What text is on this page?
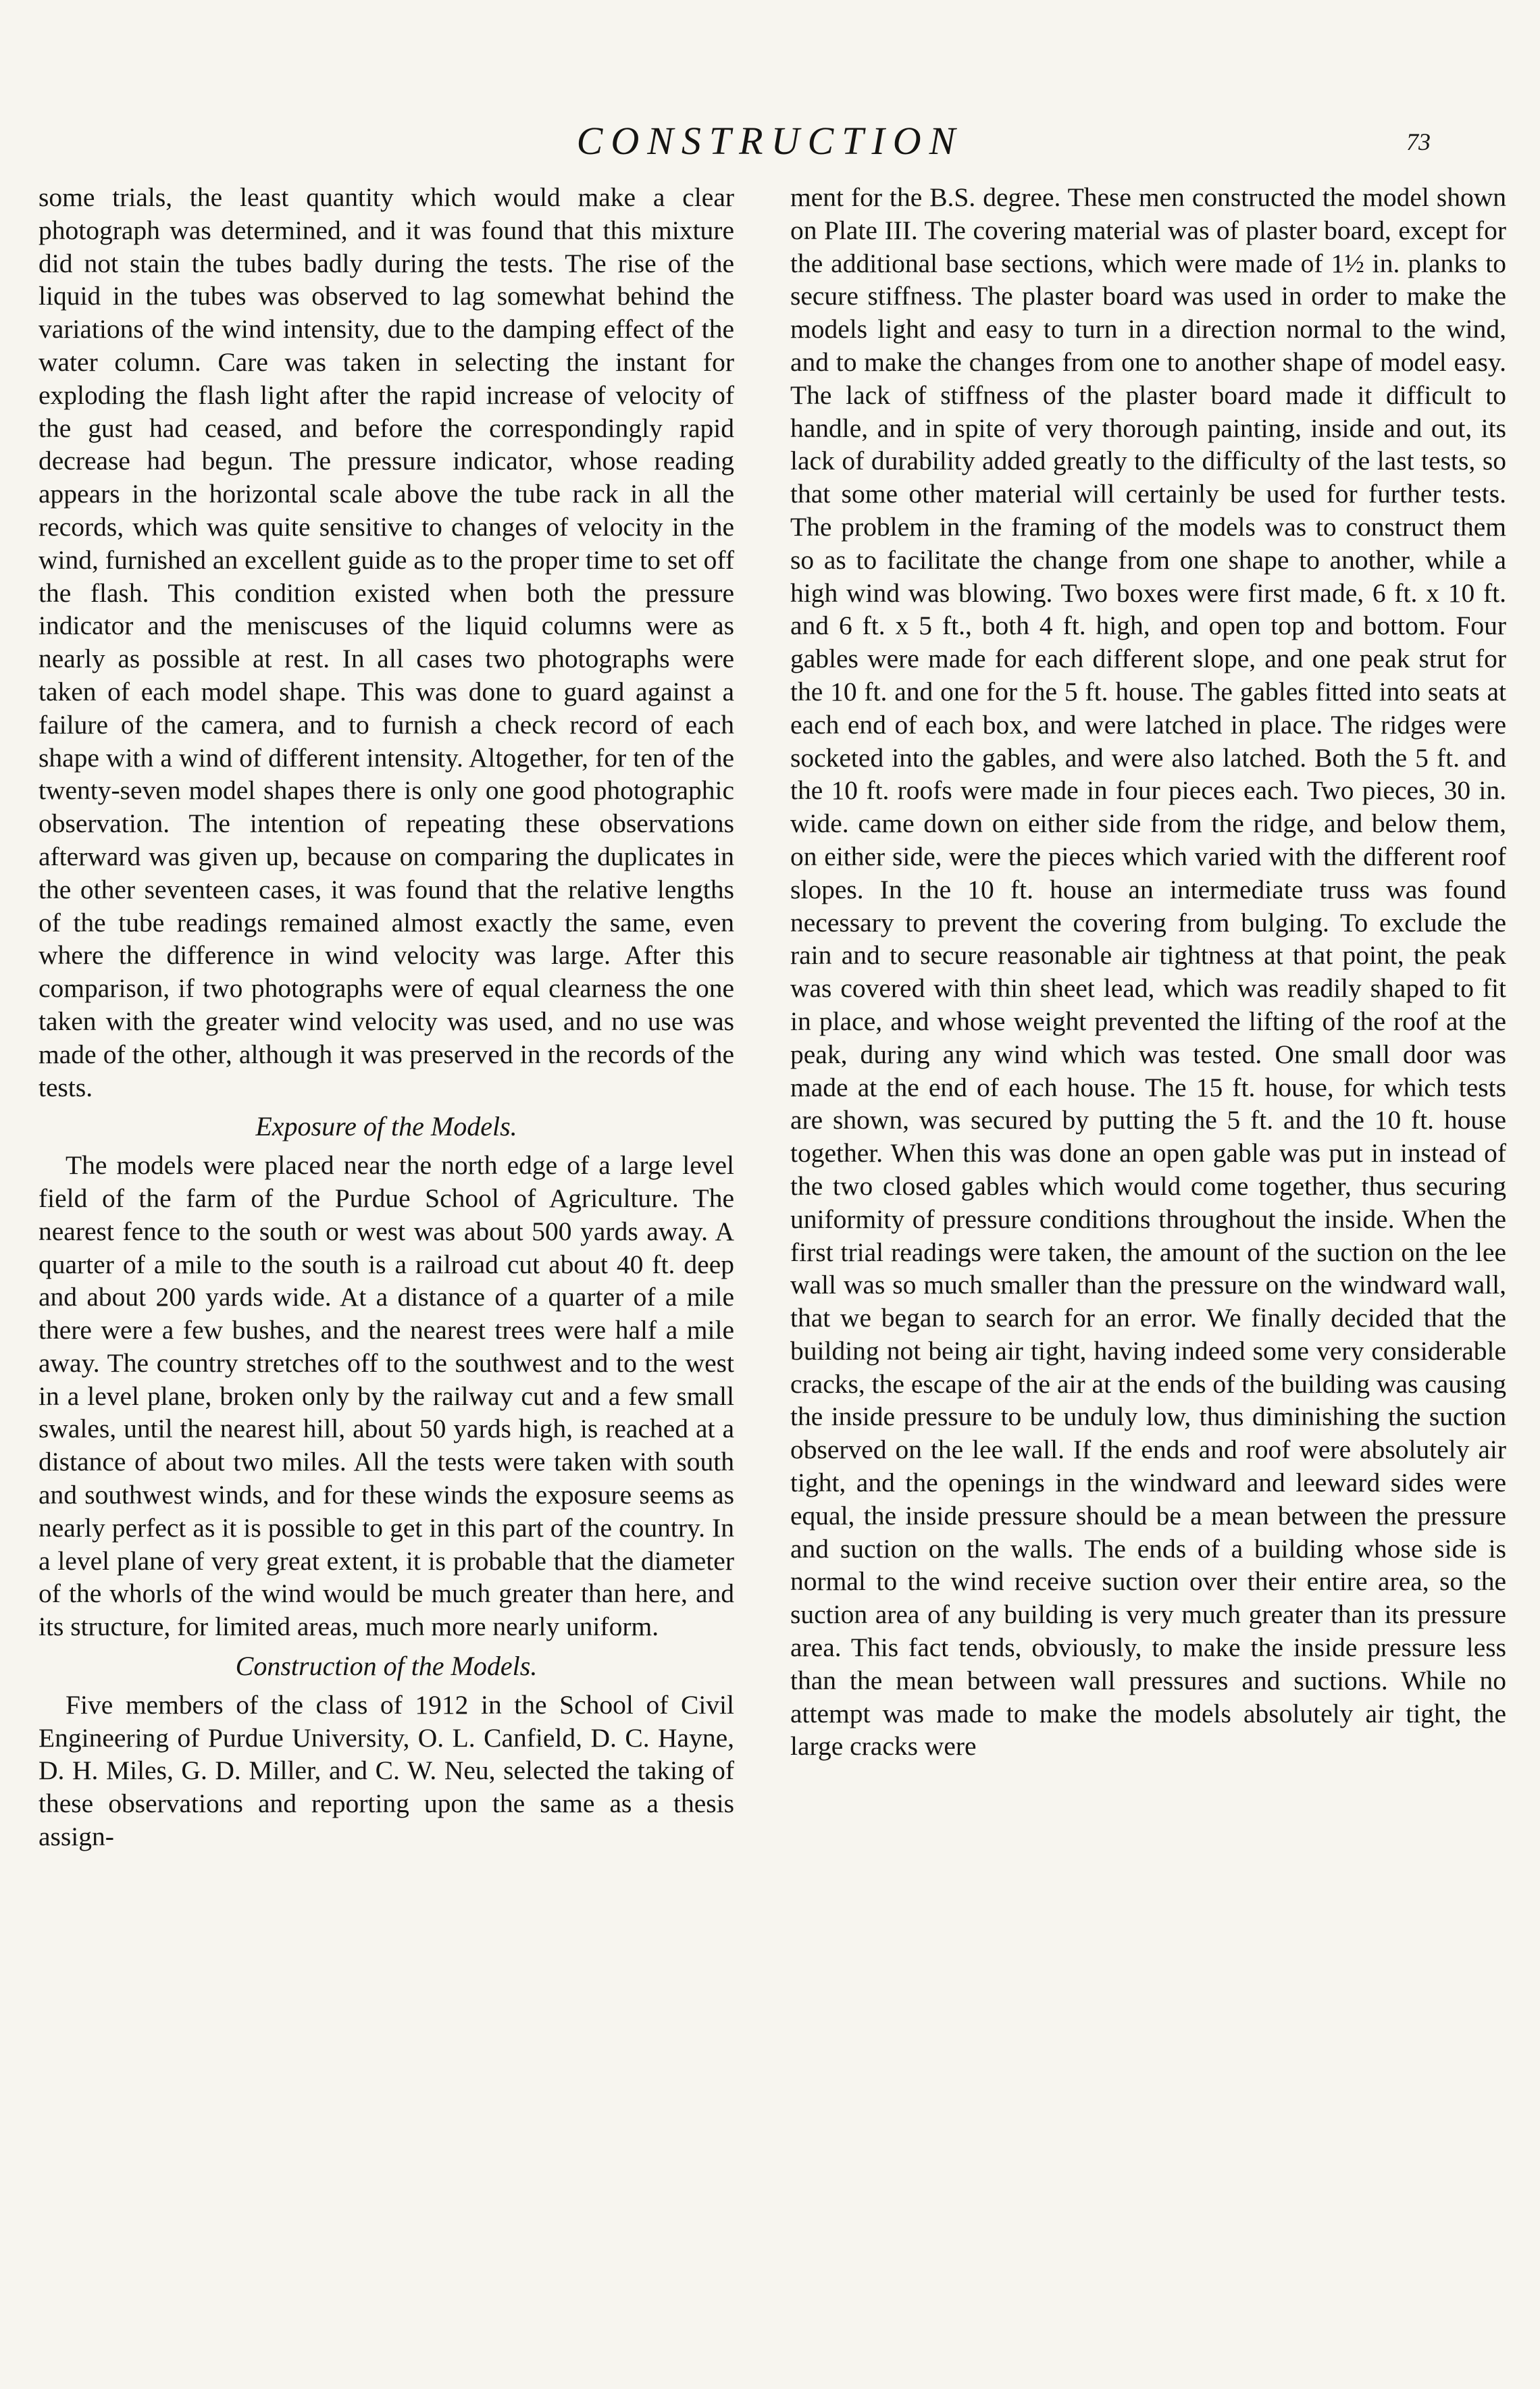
CONSTRUCTION	73

some trials, the least quantity which would make a clear photograph was determined, and it was found that this mixture did not stain the tubes badly during the tests. The rise of the liquid in the tubes was observed to lag somewhat behind the variations of the wind intensity, due to the damping effect of the water column. Care was taken in selecting the instant for exploding the flash light after the rapid increase of velocity of the gust had ceased, and before the correspondingly rapid decrease had begun. The pressure indicator, whose reading appears in the horizontal scale above the tube rack in all the records, which was quite sensitive to changes of velocity in the wind, furnished an excellent guide as to the proper time to set off the flash. This condition existed when both the pressure indicator and the meniscuses of the liquid columns were as nearly as possible at rest. In all cases two photographs were taken of each model shape. This was done to guard against a failure of the camera, and to furnish a check record of each shape with a wind of different intensity. Altogether, for ten of the twenty-seven model shapes there is only one good photographic observation. The intention of repeating these observations afterward was given up, because on comparing the duplicates in the other seventeen cases, it was found that the relative lengths of the tube readings remained almost exactly the same, even where the difference in wind velocity was large. After this comparison, if two photographs were of equal clearness the one taken with the greater wind velocity was used, and no use was made of the other, although it was preserved in the records of the tests.

Exposure of the Models.

The models were placed near the north edge of a large level field of the farm of the Purdue School of Agriculture. The nearest fence to the south or west was about 500 yards away. A quarter of a mile to the south is a railroad cut about 40 ft. deep and about 200 yards wide. At a distance of a quarter of a mile there were a few bushes, and the nearest trees were half a mile away. The country stretches off to the southwest and to the west in a level plane, broken only by the railway cut and a few small swales, until the nearest hill, about 50 yards high, is reached at a distance of about two miles. All the tests were taken with south and southwest winds, and for these winds the exposure seems as nearly perfect as it is possible to get in this part of the country. In a level plane of very great extent, it is probable that the diameter of the whorls of the wind would be much greater than here, and its structure, for limited areas, much more nearly uniform.

Construction of the Models.

Five members of the class of 1912 in the School of Civil Engineering of Purdue University, O. L. Canfield, D. C. Hayne, D. H. Miles, G. D. Miller, and C. W. Neu, selected the taking of these observations and reporting upon the same as a thesis assign-

ment for the B.S. degree. These men constructed the model shown on Plate III. The covering material was of plaster board, except for the additional base sections, which were made of 1½ in. planks to secure stiffness. The plaster board was used in order to make the models light and easy to turn in a direction normal to the wind, and to make the changes from one to another shape of model easy. The lack of stiffness of the plaster board made it difficult to handle, and in spite of very thorough painting, inside and out, its lack of durability added greatly to the difficulty of the last tests, so that some other material will certainly be used for further tests. The problem in the framing of the models was to construct them so as to facilitate the change from one shape to another, while a high wind was blowing. Two boxes were first made, 6 ft. x 10 ft. and 6 ft. x 5 ft., both 4 ft. high, and open top and bottom. Four gables were made for each different slope, and one peak strut for the 10 ft. and one for the 5 ft. house. The gables fitted into seats at each end of each box, and were latched in place. The ridges were socketed into the gables, and were also latched. Both the 5 ft. and the 10 ft. roofs were made in four pieces each. Two pieces, 30 in. wide. came down on either side from the ridge, and below them, on either side, were the pieces which varied with the different roof slopes. In the 10 ft. house an intermediate truss was found necessary to prevent the covering from bulging. To exclude the rain and to secure reasonable air tightness at that point, the peak was covered with thin sheet lead, which was readily shaped to fit in place, and whose weight prevented the lifting of the roof at the peak, during any wind which was tested. One small door was made at the end of each house. The 15 ft. house, for which tests are shown, was secured by putting the 5 ft. and the 10 ft. house together. When this was done an open gable was put in instead of the two closed gables which would come together, thus securing uniformity of pressure conditions throughout the inside. When the first trial readings were taken, the amount of the suction on the lee wall was so much smaller than the pressure on the windward wall, that we began to search for an error. We finally decided that the building not being air tight, having indeed some very considerable cracks, the escape of the air at the ends of the building was causing the inside pressure to be unduly low, thus diminishing the suction observed on the lee wall. If the ends and roof were absolutely air tight, and the openings in the windward and leeward sides were equal, the inside pressure should be a mean between the pressure and suction on the walls. The ends of a building whose side is normal to the wind receive suction over their entire area, so the suction area of any building is very much greater than its pressure area. This fact tends, obviously, to make the inside pressure less than the mean between wall pressures and suctions. While no attempt was made to make the models absolutely air tight, the large cracks were
